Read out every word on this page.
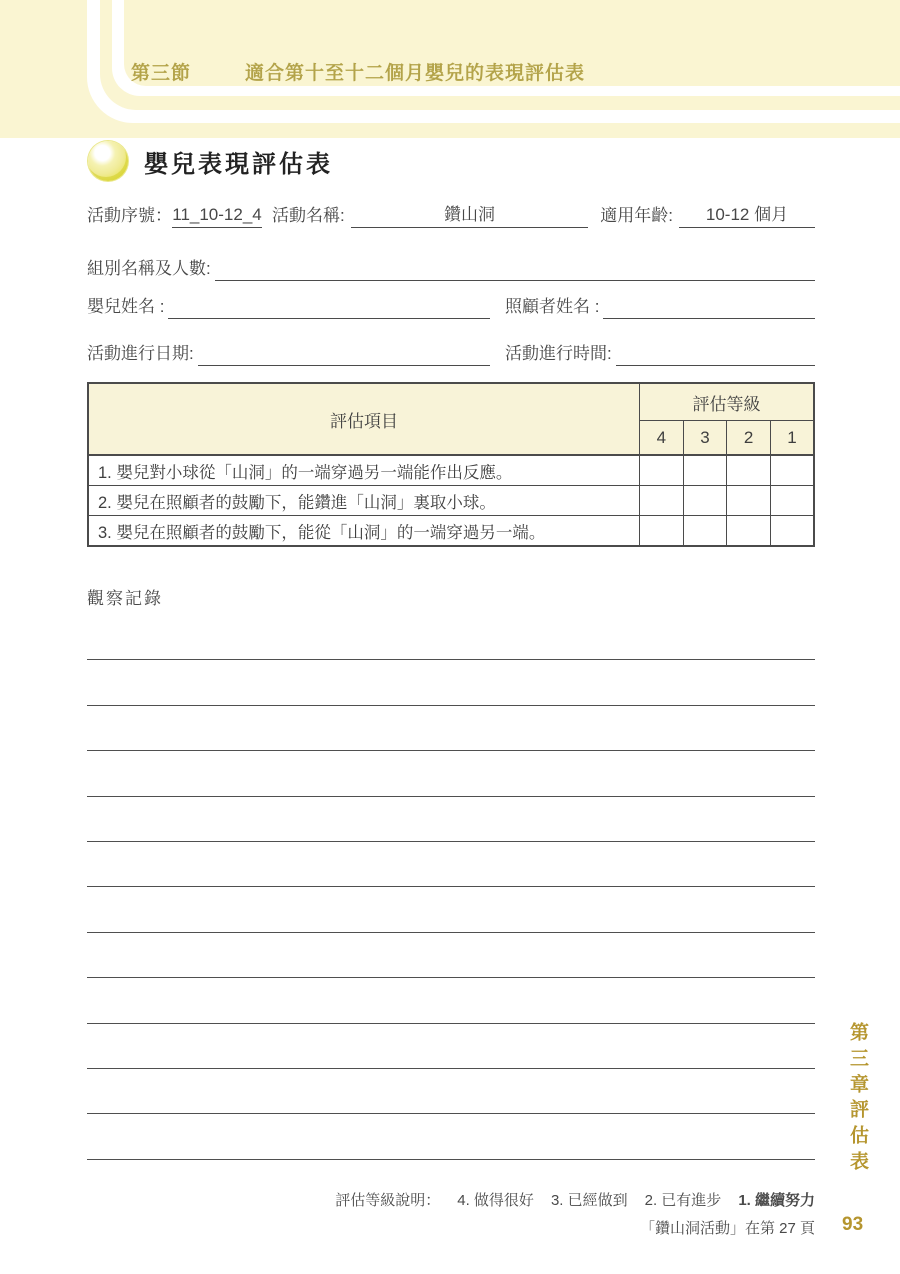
第三節	適合第十至十二個月嬰兒的表現評估表
嬰兒表現評估表
活動序號： 11_10-12_4 活動名稱:	鑽山洞	適用年齡:	10-12 個月
組別名稱及人數:
嬰兒姓名 :	照顧者姓名 :
活動進行日期:	活動進行時間:
評估項目	評估等級			
	4	3	2	1
1. 嬰兒對小球從「山洞」的一端穿過另一端能作出反應。				
2. 嬰兒在照顧者的鼓勵下，能鑽進「山洞」裏取小球。				
3. 嬰兒在照顧者的鼓勵下，能從「山洞」的一端穿過另一端。				
觀察記錄
第三章
評估表
評估等級說明： 4. 做得很好 3. 已經做到 2. 已有進步 1. 繼續努力
「鑽山洞活動」在第 27 頁 93
